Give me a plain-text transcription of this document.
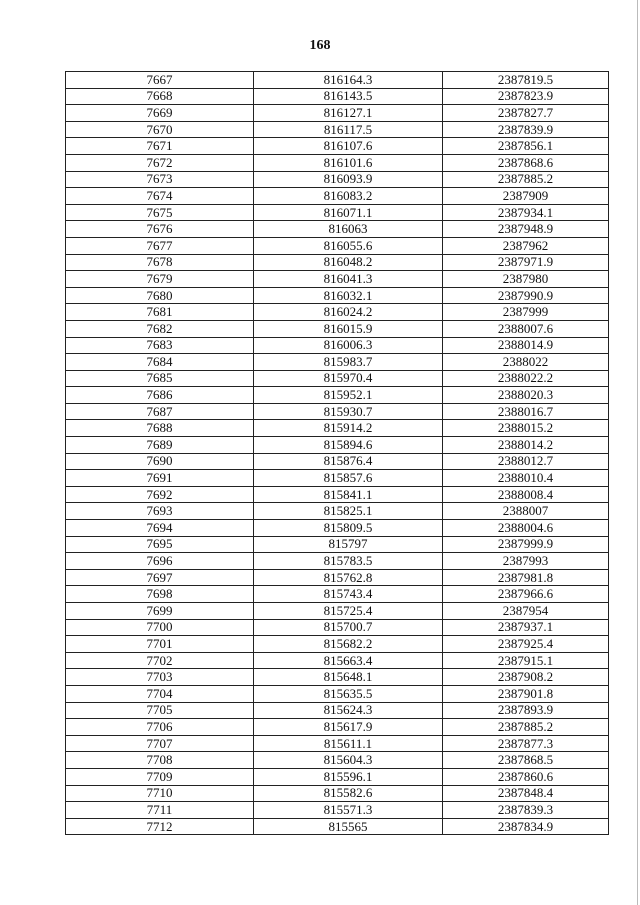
168
7667	816164.3	2387819.5
7668	816143.5	2387823.9
7669	816127.1	2387827.7
7670	816117.5	2387839.9
7671	816107.6	2387856.1
7672	816101.6	2387868.6
7673	816093.9	2387885.2
7674	816083.2	2387909
7675	816071.1	2387934.1
7676	816063	2387948.9
7677	816055.6	2387962
7678	816048.2	2387971.9
7679	816041.3	2387980
7680	816032.1	2387990.9
7681	816024.2	2387999
7682	816015.9	2388007.6
7683	816006.3	2388014.9
7684	815983.7	2388022
7685	815970.4	2388022.2
7686	815952.1	2388020.3
7687	815930.7	2388016.7
7688	815914.2	2388015.2
7689	815894.6	2388014.2
7690	815876.4	2388012.7
7691	815857.6	2388010.4
7692	815841.1	2388008.4
7693	815825.1	2388007
7694	815809.5	2388004.6
7695	815797	2387999.9
7696	815783.5	2387993
7697	815762.8	2387981.8
7698	815743.4	2387966.6
7699	815725.4	2387954
7700	815700.7	2387937.1
7701	815682.2	2387925.4
7702	815663.4	2387915.1
7703	815648.1	2387908.2
7704	815635.5	2387901.8
7705	815624.3	2387893.9
7706	815617.9	2387885.2
7707	815611.1	2387877.3
7708	815604.3	2387868.5
7709	815596.1	2387860.6
7710	815582.6	2387848.4
7711	815571.3	2387839.3
7712	815565	2387834.9
